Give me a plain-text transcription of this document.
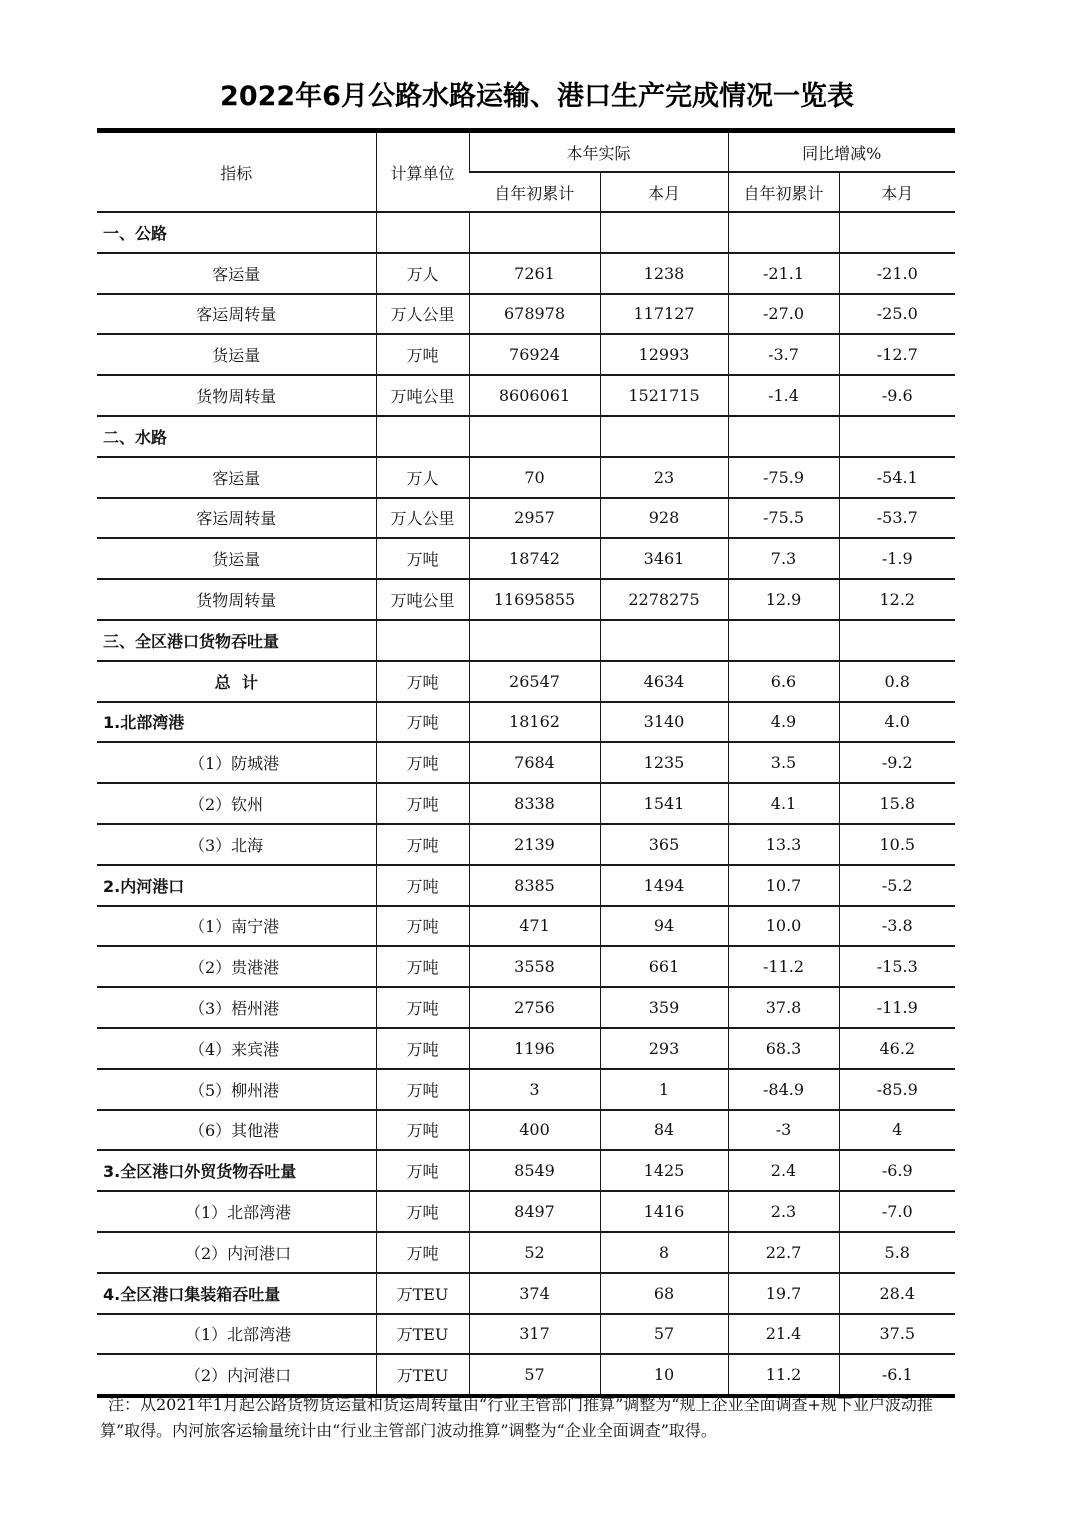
2022年6月公路水路运输、港口生产完成情况一览表
指标	计算单位	本年实际		同比增减%	
		自年初累计	本月	自年初累计	本月
一、公路					
客运量	万人	7261	1238	-21.1	-21.0
客运周转量	万人公里	678978	117127	-27.0	-25.0
货运量	万吨	76924	12993	-3.7	-12.7
货物周转量	万吨公里	8606061	1521715	-1.4	-9.6
二、水路					
客运量	万人	70	23	-75.9	-54.1
客运周转量	万人公里	2957	928	-75.5	-53.7
货运量	万吨	18742	3461	7.3	-1.9
货物周转量	万吨公里	11695855	2278275	12.9	12.2
三、全区港口货物吞吐量					
总  计	万吨	26547	4634	6.6	0.8
1.北部湾港	万吨	18162	3140	4.9	4.0
（1）防城港	万吨	7684	1235	3.5	-9.2
（2）钦州	万吨	8338	1541	4.1	15.8
（3）北海	万吨	2139	365	13.3	10.5
2.内河港口	万吨	8385	1494	10.7	-5.2
（1）南宁港	万吨	471	94	10.0	-3.8
（2）贵港港	万吨	3558	661	-11.2	-15.3
（3）梧州港	万吨	2756	359	37.8	-11.9
（4）来宾港	万吨	1196	293	68.3	46.2
（5）柳州港	万吨	3	1	-84.9	-85.9
（6）其他港	万吨	400	84	-3	4
3.全区港口外贸货物吞吐量	万吨	8549	1425	2.4	-6.9
（1）北部湾港	万吨	8497	1416	2.3	-7.0
（2）内河港口	万吨	52	8	22.7	5.8
4.全区港口集装箱吞吐量	万TEU	374	68	19.7	28.4
（1）北部湾港	万TEU	317	57	21.4	37.5
（2）内河港口	万TEU	57	10	11.2	-6.1
注：从2021年1月起公路货物货运量和货运周转量由“行业主管部门推算”调整为“规上企业全面调查+规下业户波动推算”取得。内河旅客运输量统计由“行业主管部门波动推算”调整为“企业全面调查”取得。
